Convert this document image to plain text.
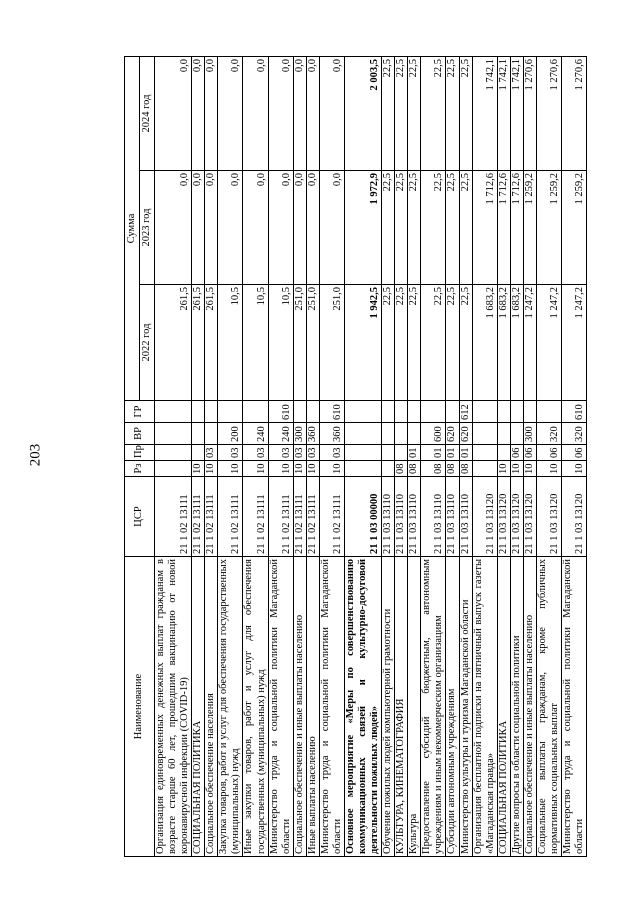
203
Наименование	ЦСР	Рз	Пр	ВР	ГР	Сумма		
						2022 год	2023 год	2024 год
Организация единовременных денежных выплат гражданам в возрасте старше 60 лет, прошедшим вакцинацию от новой коронавирусной инфекции (COVID-19)	21 1 02 13111					261,5	0,0	0,0
СОЦИАЛЬНАЯ ПОЛИТИКА	21 1 02 13111	10				261,5	0,0	0,0
Социальное обеспечение населения	21 1 02 13111	10	03			261,5	0,0	0,0
Закупка товаров, работ и услуг для обеспечения государственных (муниципальных) нужд	21 1 02 13111	10	03	200		10,5	0,0	0,0
Иные закупки товаров, работ и услуг для обеспечения государственных (муниципальных) нужд	21 1 02 13111	10	03	240		10,5	0,0	0,0
Министерство труда и социальной политики Магаданской области	21 1 02 13111	10	03	240	610	10,5	0,0	0,0
Социальное обеспечение и иные выплаты населению	21 1 02 13111	10	03	300		251,0	0,0	0,0
Иные выплаты населению	21 1 02 13111	10	03	360		251,0	0,0	0,0
Министерство труда и социальной политики Магаданской области	21 1 02 13111	10	03	360	610	251,0	0,0	0,0
Основное мероприятие «Меры по совершенствованию коммуникационных связей и культурно-досуговой деятельности пожилых людей»	21 1 03 00000					1 942,5	1 972,9	2 003,5
Обучение пожилых людей компьютерной грамотности	21 1 03 13110					22,5	22,5	22,5
КУЛЬТУРА, КИНЕМАТОГРАФИЯ	21 1 03 13110	08				22,5	22,5	22,5
Культура	21 1 03 13110	08	01			22,5	22,5	22,5
Предоставление субсидий бюджетным, автономным учреждениям и иным некоммерческим организациям	21 1 03 13110	08	01	600		22,5	22,5	22,5
Субсидии автономным учреждениям	21 1 03 13110	08	01	620		22,5	22,5	22,5
Министерство культуры и туризма Магаданской области	21 1 03 13110	08	01	620	612	22,5	22,5	22,5
Организация бесплатной подписки на пятничный выпуск газеты «Магаданская правда»	21 1 03 13120					1 683,2	1 712,6	1 742,1
СОЦИАЛЬНАЯ ПОЛИТИКА	21 1 03 13120	10				1 683,2	1 712,6	1 742,1
Другие вопросы в области социальной политики	21 1 03 13120	10	06			1 683,2	1 712,6	1 742,1
Социальное обеспечение и иные выплаты населению	21 1 03 13120	10	06	300		1 247,2	1 259,2	1 270,6
Социальные выплаты гражданам, кроме публичных нормативных социальных выплат	21 1 03 13120	10	06	320		1 247,2	1 259,2	1 270,6
Министерство труда и социальной политики Магаданской области	21 1 03 13120	10	06	320	610	1 247,2	1 259,2	1 270,6
